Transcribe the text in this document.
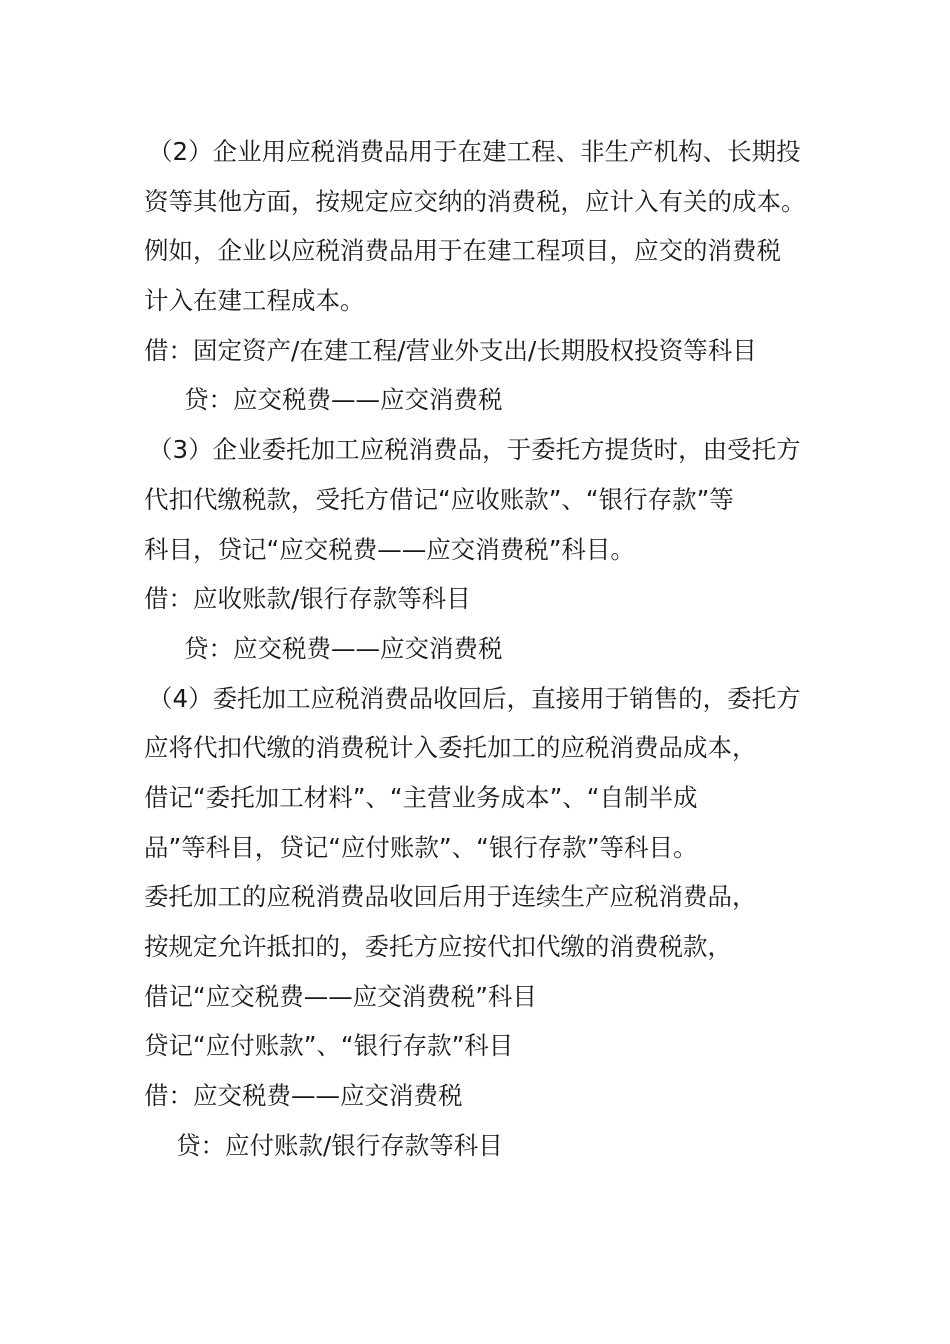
（2）企业用应税消费品用于在建工程、非生产机构、长期投
资等其他方面，按规定应交纳的消费税，应计入有关的成本。
例如，企业以应税消费品用于在建工程项目，应交的消费税
计入在建工程成本。
借：固定资产/在建工程/营业外支出/长期股权投资等科目
贷：应交税费——应交消费税
（3）企业委托加工应税消费品，于委托方提货时，由受托方
代扣代缴税款，受托方借记“应收账款”、“银行存款”等
科目，贷记“应交税费——应交消费税”科目。
借：应收账款/银行存款等科目
贷：应交税费——应交消费税
（4）委托加工应税消费品收回后，直接用于销售的，委托方
应将代扣代缴的消费税计入委托加工的应税消费品成本，
借记“委托加工材料”、“主营业务成本”、“自制半成
品”等科目，贷记“应付账款”、“银行存款”等科目。
委托加工的应税消费品收回后用于连续生产应税消费品，
按规定允许抵扣的，委托方应按代扣代缴的消费税款，
借记“应交税费——应交消费税”科目
贷记“应付账款”、“银行存款”科目
借：应交税费——应交消费税
贷：应付账款/银行存款等科目
